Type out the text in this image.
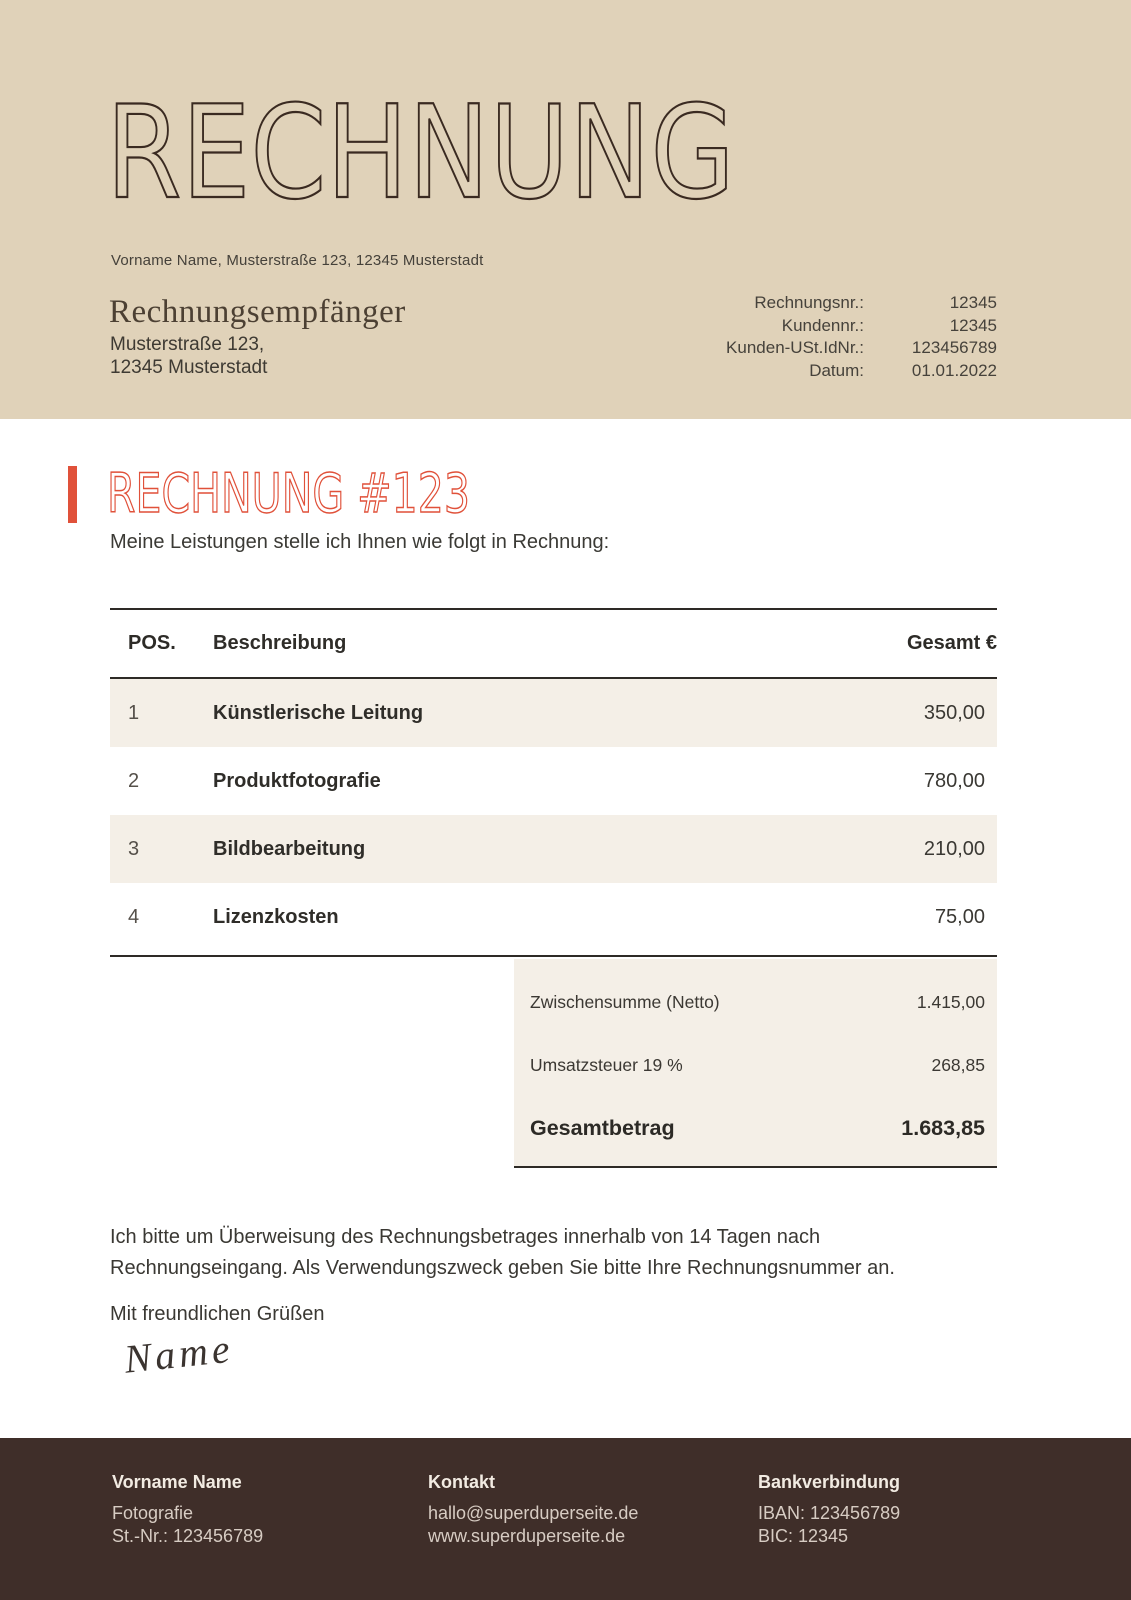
RECHNUNG
Vorname Name, Musterstraße 123, 12345 Musterstadt
Rechnungsempfänger
Musterstraße 123,
12345 Musterstadt
Rechnungsnr.:	12345
Kundennr.:	12345
Kunden-USt.IdNr.:	123456789
Datum:	01.01.2022
RECHNUNG #123
Meine Leistungen stelle ich Ihnen wie folgt in Rechnung:
POS.	Beschreibung	Gesamt €
1	Künstlerische Leitung	350,00
2	Produktfotografie	780,00
3	Bildbearbeitung	210,00
4	Lizenzkosten	75,00
Zwischensumme (Netto)	1.415,00
Umsatzsteuer 19 %	268,85
Gesamtbetrag	1.683,85
Ich bitte um Überweisung des Rechnungsbetrages innerhalb von 14 Tagen nach Rechnungseingang. Als Verwendungszweck geben Sie bitte Ihre Rechnungsnummer an.
Mit freundlichen Grüßen
Name
Vorname Name
Fotografie
St.-Nr.: 123456789
Kontakt
hallo@superduperseite.de
www.superduperseite.de
Bankverbindung
IBAN: 123456789
BIC: 12345
